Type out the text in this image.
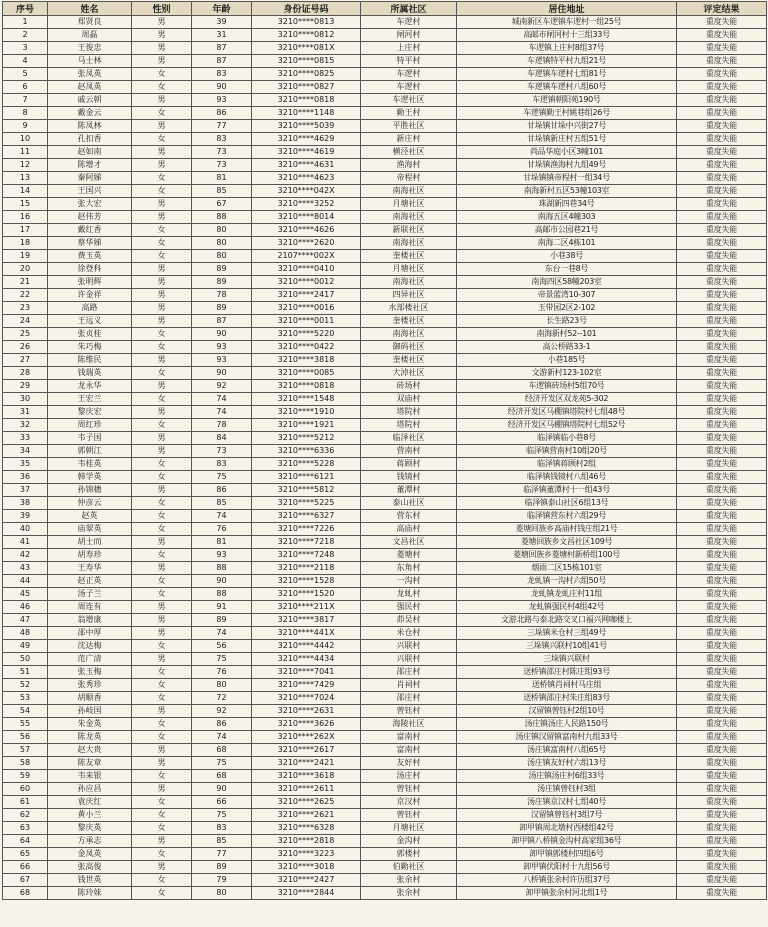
序号	姓名	性别	年龄	身份证号码	所属社区	居住地址	评定结果
1	郑贤良	男	39	3210****0813	车逻村	城南新区车逻镇车逻村一组25号	重度失能
2	周磊	男	31	3210****0812	闸河村	高邮市闸河村十三组33号	重度失能
3	王俊忠	男	87	3210****081X	上庄村	车逻镇上庄村8组37号	重度失能
4	马士林	男	87	3210****0815	特平村	车逻镇特平村九组21号	重度失能
5	张凤英	女	83	3210****0825	车逻村	车逻镇车逻村七组81号	重度失能
6	赵凤英	女	90	3210****0827	车逻村	车逻镇车逻村八组60号	重度失能
7	戚云朝	男	93	3210****0818	车逻社区	车逻镇朝阳苑190号	重度失能
8	戴金云	女	86	3210****1148	勤王村	车逻镇勤王村姚巷组26号	重度失能
9	陈凤林	男	77	3210****5039	平胜社区	甘垛镇甘垛中兴街27号	重度失能
10	孔扣香	女	83	3210****4629	新庄村	甘垛镇新庄村五组51号	重度失能
11	赵如南	男	73	3210****4619	横泾社区	尚品华庭小区3幢101	重度失能
12	陈增才	男	73	3210****4631	渔海村	甘垛镇渔海村九组49号	重度失能
13	秦阿娣	女	81	3210****4623	帝程村	甘垛镇镇帝程村一组34号	重度失能
14	王国兴	女	85	3210****042X	南海社区	南海新村五区53幢103室	重度失能
15	张大宏	男	67	3210****3252	月塘社区	珠湖新四巷34号	重度失能
16	赵伟芳	男	88	3210****8014	南海社区	南海五区4幢303	重度失能
17	戴红香	女	80	3210****4626	新联社区	高邮市公园巷21号	重度失能
18	蔡华娣	女	80	3210****2620	南海社区	南海二区4栋101	重度失能
19	费玉英	女	80	2107****002X	奎楼社区	小巷38号	重度失能
20	徐登科	男	89	3210****0410	月塘社区	东台一巷8号	重度失能
21	张明辉	男	89	3210****0012	南海社区	南海四区58幢203室	重度失能
22	许金祥	男	78	3210****2417	四异社区	帝景蓝湾10-307	重度失能
23	高路	男	89	3210****0016	水部楼社区	玉带园2区2-102	重度失能
24	王远义	男	87	3210****0011	奎楼社区	长生路23号	重度失能
25	张贞桂	女	90	3210****5220	南海社区	南海新村52--101	重度失能
26	朱巧梅	女	93	3210****0422	御码社区	高公桥路33-1	重度失能
27	陈维民	男	93	3210****3818	奎楼社区	小巷185号	重度失能
28	钱瑞英	女	90	3210****0085	大淖社区	文游新村123-102室	重度失能
29	龙永华	男	92	3210****0818	砖场村	车逻镇砖场村5组70号	重度失能
30	王宏兰	女	74	3210****1548	双庙村	经济开发区双龙苑5-302	重度失能
31	黎庆宏	男	74	3210****1910	塔院村	经济开发区马棚镇塔院村七组48号	重度失能
32	周红珍	女	78	3210****1921	塔院村	经济开发区马棚镇塔院村七组52号	重度失能
33	韦子国	男	84	3210****5212	临泽社区	临泽镇临小巷8号	重度失能
34	郭朝江	男	73	3210****6336	营南村	临泽镇营南村10组20号	重度失能
35	韦桂英	女	83	3210****5228	蒋顾村	临泽镇蒋顾村2组	重度失能
36	韩学英	女	75	3210****6121	钱镜村	临泽镇钱镜村八组46号	重度失能
37	孙锦穗	男	86	3210****5812	董潭村	临泽镇董潭村十一组43号	重度失能
38	仲彦云	女	85	3210****5225	泰山社区	临泽镇泰山社区6组13号	重度失能
39	赵英	女	74	3210****6327	营东村	临泽镇营东村六组29号	重度失能
40	庙翠英	女	76	3210****7226	高庙村	菱塘回族乡高庙村钱庄组21号	重度失能
41	胡士而	男	81	3210****7218	文昌社区	菱塘回族乡文昌社区109号	重度失能
42	胡寿珍	女	93	3210****7248	菱塘村	菱塘回族乡菱塘村新桥组100号	重度失能
43	王寿华	男	88	3210****2118	东角村	烟雨二区15栋101室	重度失能
44	赵正英	女	90	3210****1528	一沟村	龙虬镇一沟村六组50号	重度失能
45	汤子兰	女	88	3210****1520	龙虬村	龙虬镇龙虬庄村11组	重度失能
46	周连有	男	91	3210****211X	强民村	龙虬镇强民村4组42号	重度失能
47	翁增康	男	89	3210****3817	茆吴村	文游北路与泰北路交叉口福兴网咖楼上	重度失能
48	邵中厚	男	74	3210****441X	米仓村	三垛镇米仓村三组49号	重度失能
49	沈达梅	女	56	3210****4442	兴联村	三垛镇兴联村10组41号	重度失能
50	范广清	男	75	3210****4434	兴联村	三垛镇兴联村	重度失能
51	张玉梅	女	76	3210****7041	邵庄村	送桥镇邵庄村陈庄组93号	重度失能
52	张秀珍	女	80	3210****7429	肖祠村	送桥镇肖祠村马庄组	重度失能
53	胡顺香	女	72	3210****7024	邵庄村	送桥镇邵庄村朱庄组83号	重度失能
54	孙岐国	男	92	3210****2631	曾钰村	汉留镇曾钰村2组10号	重度失能
55	朱金英	女	86	3210****3626	海陵社区	汤庄镇汤庄人民路150号	重度失能
56	陈龙英	女	74	3210****262X	富南村	汤庄镇汉留镇富南村九组33号	重度失能
57	赵大贵	男	68	3210****2617	富南村	汤庄镇富南村八组65号	重度失能
58	陈友章	男	75	3210****2421	友好村	汤庄镇友好村六组13号	重度失能
59	韦来银	女	68	3210****3618	汤庄村	汤庄镇汤庄村6组33号	重度失能
60	孙应昌	男	90	3210****2611	曾钰村	汤庄镇曾钰村3组	重度失能
61	袁庆红	女	66	3210****2625	京汉村	汤庄镇京汉村七组40号	重度失能
62	黄小兰	女	75	3210****2621	曾钰村	汉留镇曾钰村3组7号	重度失能
63	黎庆英	女	83	3210****6328	月塘社区	卸甲镇周北墩村西楼组42号	重度失能
64	方承志	男	85	3210****2818	金沟村	卸甲镇八桥镇金沟村高家组36号	重度失能
65	金凤英	女	77	3210****3223	郭楼村	卸甲镇郭楼村四组6号	重度失能
66	张高俊	男	89	3210****3018	伯勤社区	卸甲镇伏阳村十九组56号	重度失能
67	钱世英	女	79	3210****2427	张余村	八桥镇张余村许历组37号	重度失能
68	陈玲妹	女	80	3210****2844	张余村	卸甲镇张余村河北组1号	重度失能
